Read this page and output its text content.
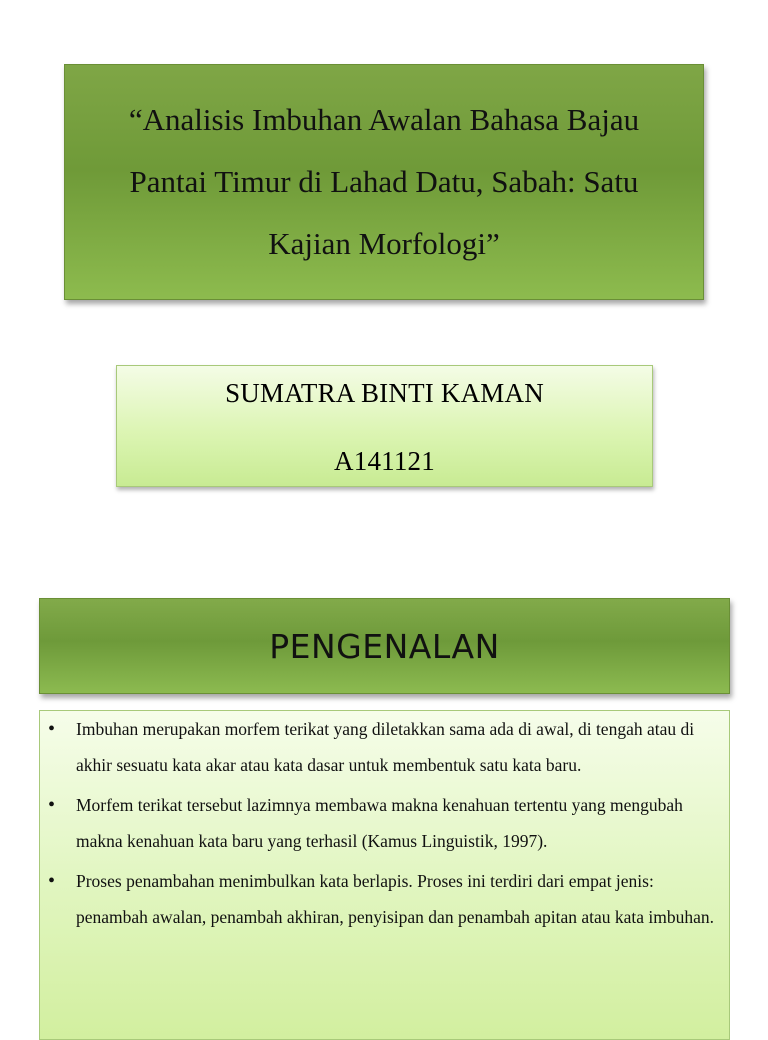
“Analisis Imbuhan Awalan Bahasa Bajau Pantai Timur di Lahad Datu, Sabah: Satu Kajian Morfologi”
SUMATRA BINTI KAMAN
A141121
PENGENALAN
• Imbuhan merupakan morfem terikat yang diletakkan sama ada di awal, di tengah atau di akhir sesuatu kata akar atau kata dasar untuk membentuk satu kata baru.
• Morfem terikat tersebut lazimnya membawa makna kenahuan tertentu yang mengubah makna kenahuan kata baru yang terhasil (Kamus Linguistik, 1997).
• Proses penambahan menimbulkan kata berlapis. Proses ini terdiri dari empat jenis: penambah awalan, penambah akhiran, penyisipan dan penambah apitan atau kata imbuhan.
